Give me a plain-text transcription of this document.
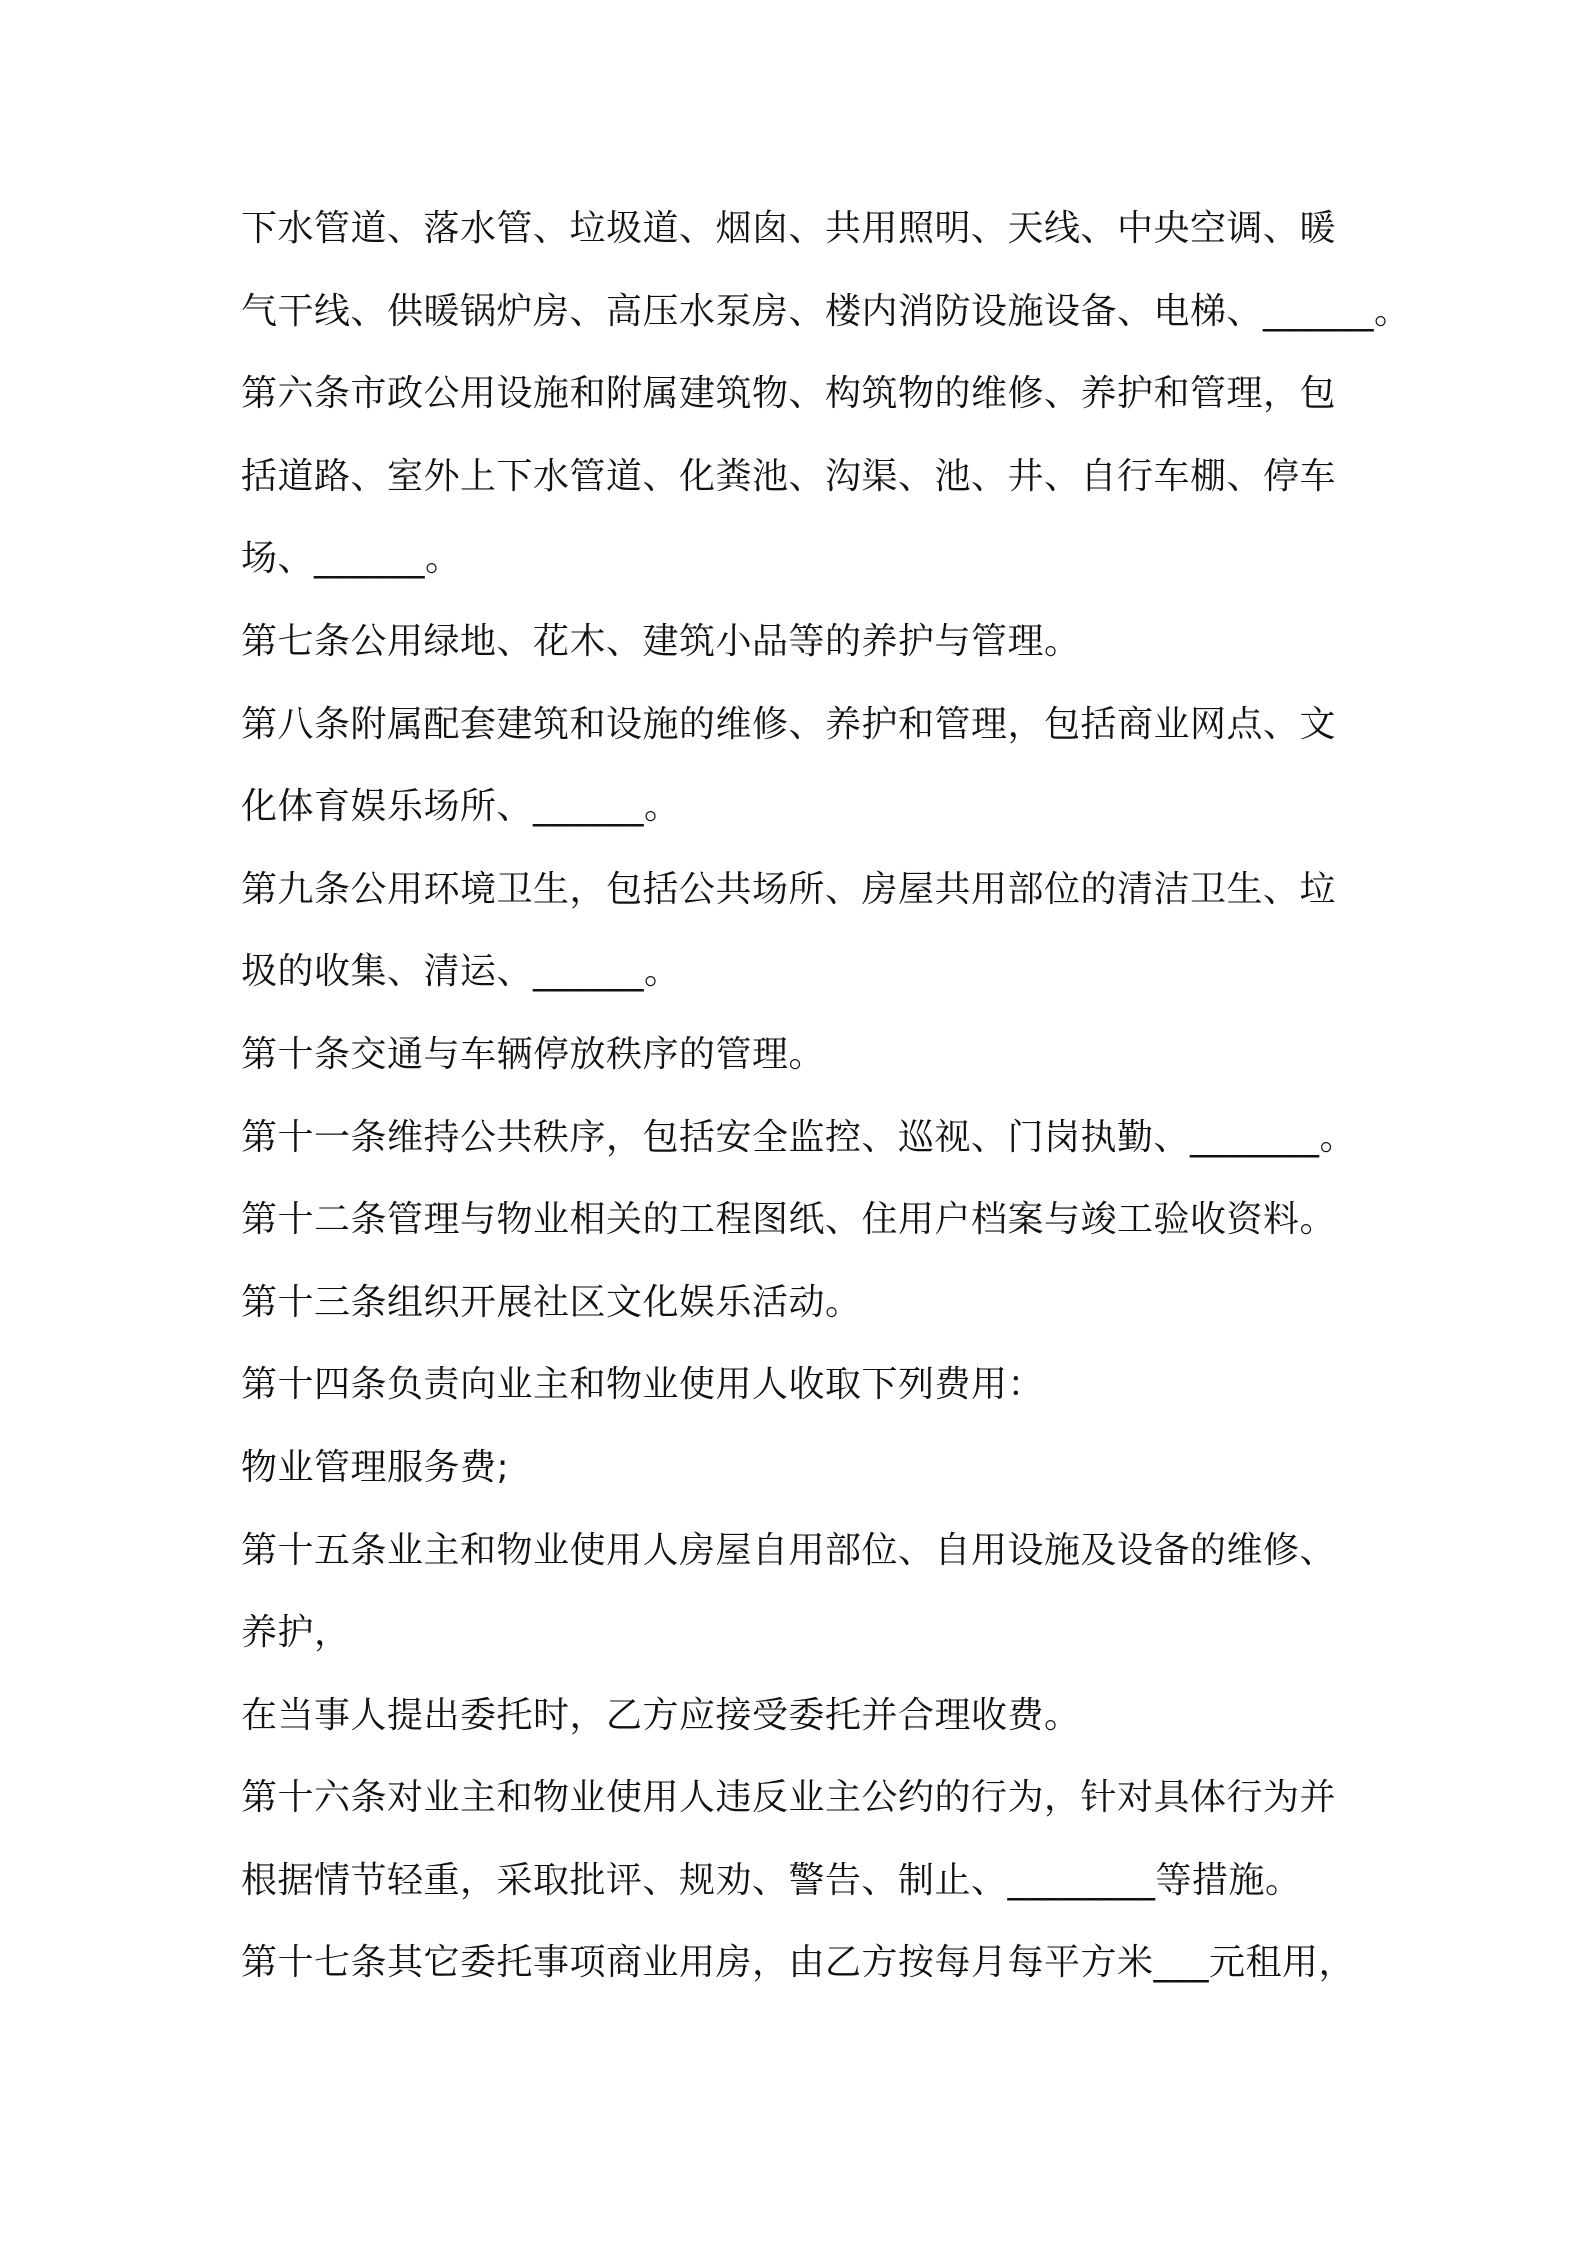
下水管道、落水管、垃圾道、烟囱、共用照明、天线、中央空调、暖
气干线、供暖锅炉房、高压水泵房、楼内消防设施设备、电梯、______。
第六条市政公用设施和附属建筑物、构筑物的维修、养护和管理，包
括道路、室外上下水管道、化粪池、沟渠、池、井、自行车棚、停车
场、______。
第七条公用绿地、花木、建筑小品等的养护与管理。
第八条附属配套建筑和设施的维修、养护和管理，包括商业网点、文
化体育娱乐场所、______。
第九条公用环境卫生，包括公共场所、房屋共用部位的清洁卫生、垃
圾的收集、清运、______。
第十条交通与车辆停放秩序的管理。
第十一条维持公共秩序，包括安全监控、巡视、门岗执勤、_______。
第十二条管理与物业相关的工程图纸、住用户档案与竣工验收资料。
第十三条组织开展社区文化娱乐活动。
第十四条负责向业主和物业使用人收取下列费用：
物业管理服务费;
第十五条业主和物业使用人房屋自用部位、自用设施及设备的维修、
养护，
在当事人提出委托时，乙方应接受委托并合理收费。
第十六条对业主和物业使用人违反业主公约的行为，针对具体行为并
根据情节轻重，采取批评、规劝、警告、制止、________等措施。
第十七条其它委托事项商业用房，由乙方按每月每平方米___元租用，
